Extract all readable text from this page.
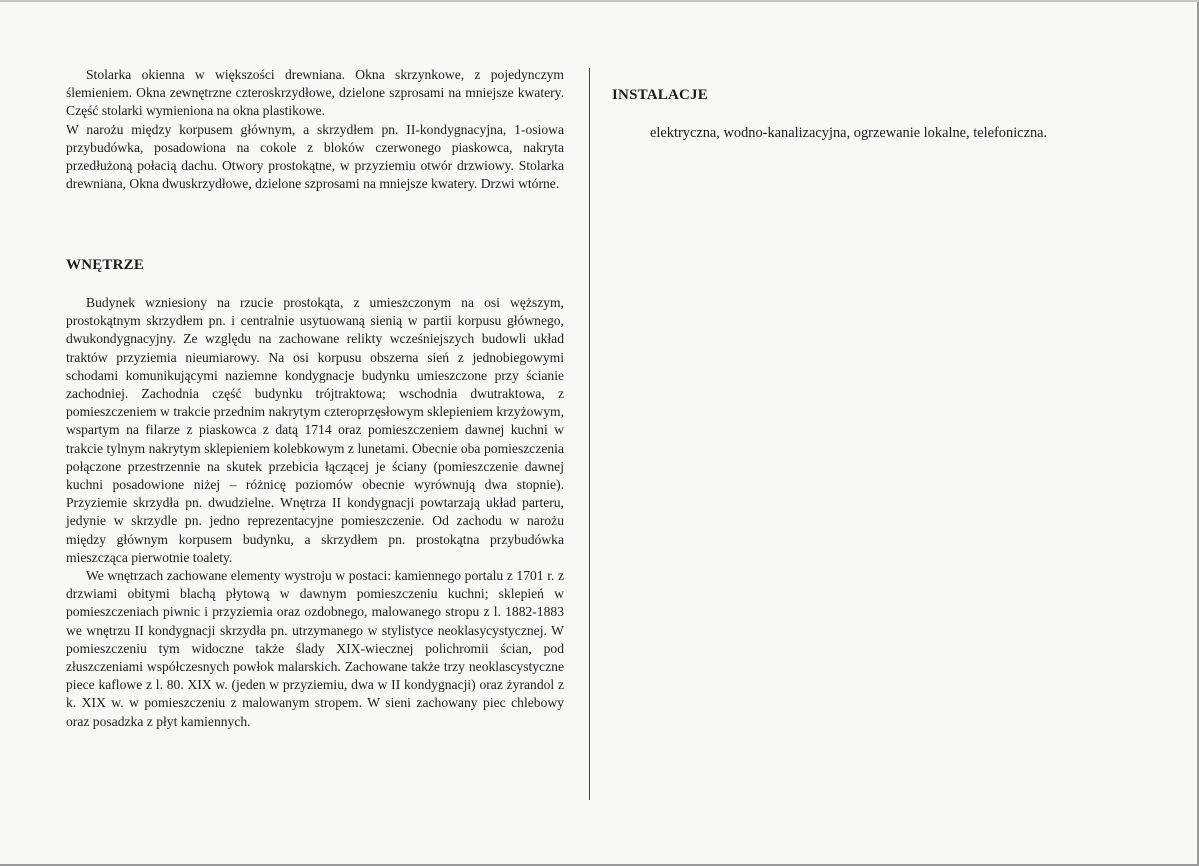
Stolarka okienna w większości drewniana. Okna skrzynkowe, z pojedynczym ślemieniem. Okna zewnętrzne czteroskrzydłowe, dzielone szprosami na mniejsze kwatery. Część stolarki wymieniona na okna plastikowe.

W narożu między korpusem głównym, a skrzydłem pn. II-kondygnacyjna, 1-osiowa przybudówka, posadowiona na cokole z bloków czerwonego piaskowca, nakryta przedłużoną połacią dachu. Otwory prostokątne, w przyziemiu otwór drzwiowy. Stolarka drewniana, Okna dwuskrzydłowe, dzielone szprosami na mniejsze kwatery. Drzwi wtórne.

WNĘTRZE

Budynek wzniesiony na rzucie prostokąta, z umieszczonym na osi węższym, prostokątnym skrzydłem pn. i centralnie usytuowaną sienią w partii korpusu głównego, dwukondygnacyjny. Ze względu na zachowane relikty wcześniejszych budowli układ traktów przyziemia nieumiarowy. Na osi korpusu obszerna sień z jednobiegowymi schodami komunikującymi naziemne kondygnacje budynku umieszczone przy ścianie zachodniej. Zachodnia część budynku trójtraktowa; wschodnia dwutraktowa, z pomieszczeniem w trakcie przednim nakrytym czteroprzęsłowym sklepieniem krzyżowym, wspartym na filarze z piaskowca z datą 1714 oraz pomieszczeniem dawnej kuchni w trakcie tylnym nakrytym sklepieniem kolebkowym z lunetami. Obecnie oba pomieszczenia połączone przestrzennie na skutek przebicia łączącej je ściany (pomieszczenie dawnej kuchni posadowione niżej – różnicę poziomów obecnie wyrównują dwa stopnie). Przyziemie skrzydła pn. dwudzielne. Wnętrza II kondygnacji powtarzają układ parteru, jedynie w skrzydle pn. jedno reprezentacyjne pomieszczenie. Od zachodu w narożu między głównym korpusem budynku, a skrzydłem pn. prostokątna przybudówka mieszcząca pierwotnie toalety.

We wnętrzach zachowane elementy wystroju w postaci: kamiennego portalu z 1701 r. z drzwiami obitymi blachą płytową w dawnym pomieszczeniu kuchni; sklepień w pomieszczeniach piwnic i przyziemia oraz ozdobnego, malowanego stropu z l. 1882-1883 we wnętrzu II kondygnacji skrzydła pn. utrzymanego w stylistyce neoklasycystycznej. W pomieszczeniu tym widoczne także ślady XIX-wiecznej polichromii ścian, pod złuszczeniami współczesnych powłok malarskich. Zachowane także trzy neoklascystyczne piece kaflowe z l. 80. XIX w. (jeden w przyziemiu, dwa w II kondygnacji) oraz żyrandol z k. XIX w. w pomieszczeniu z malowanym stropem. W sieni zachowany piec chlebowy oraz posadzka z płyt kamiennych.

INSTALACJE

elektryczna, wodno-kanalizacyjna, ogrzewanie lokalne, telefoniczna.
